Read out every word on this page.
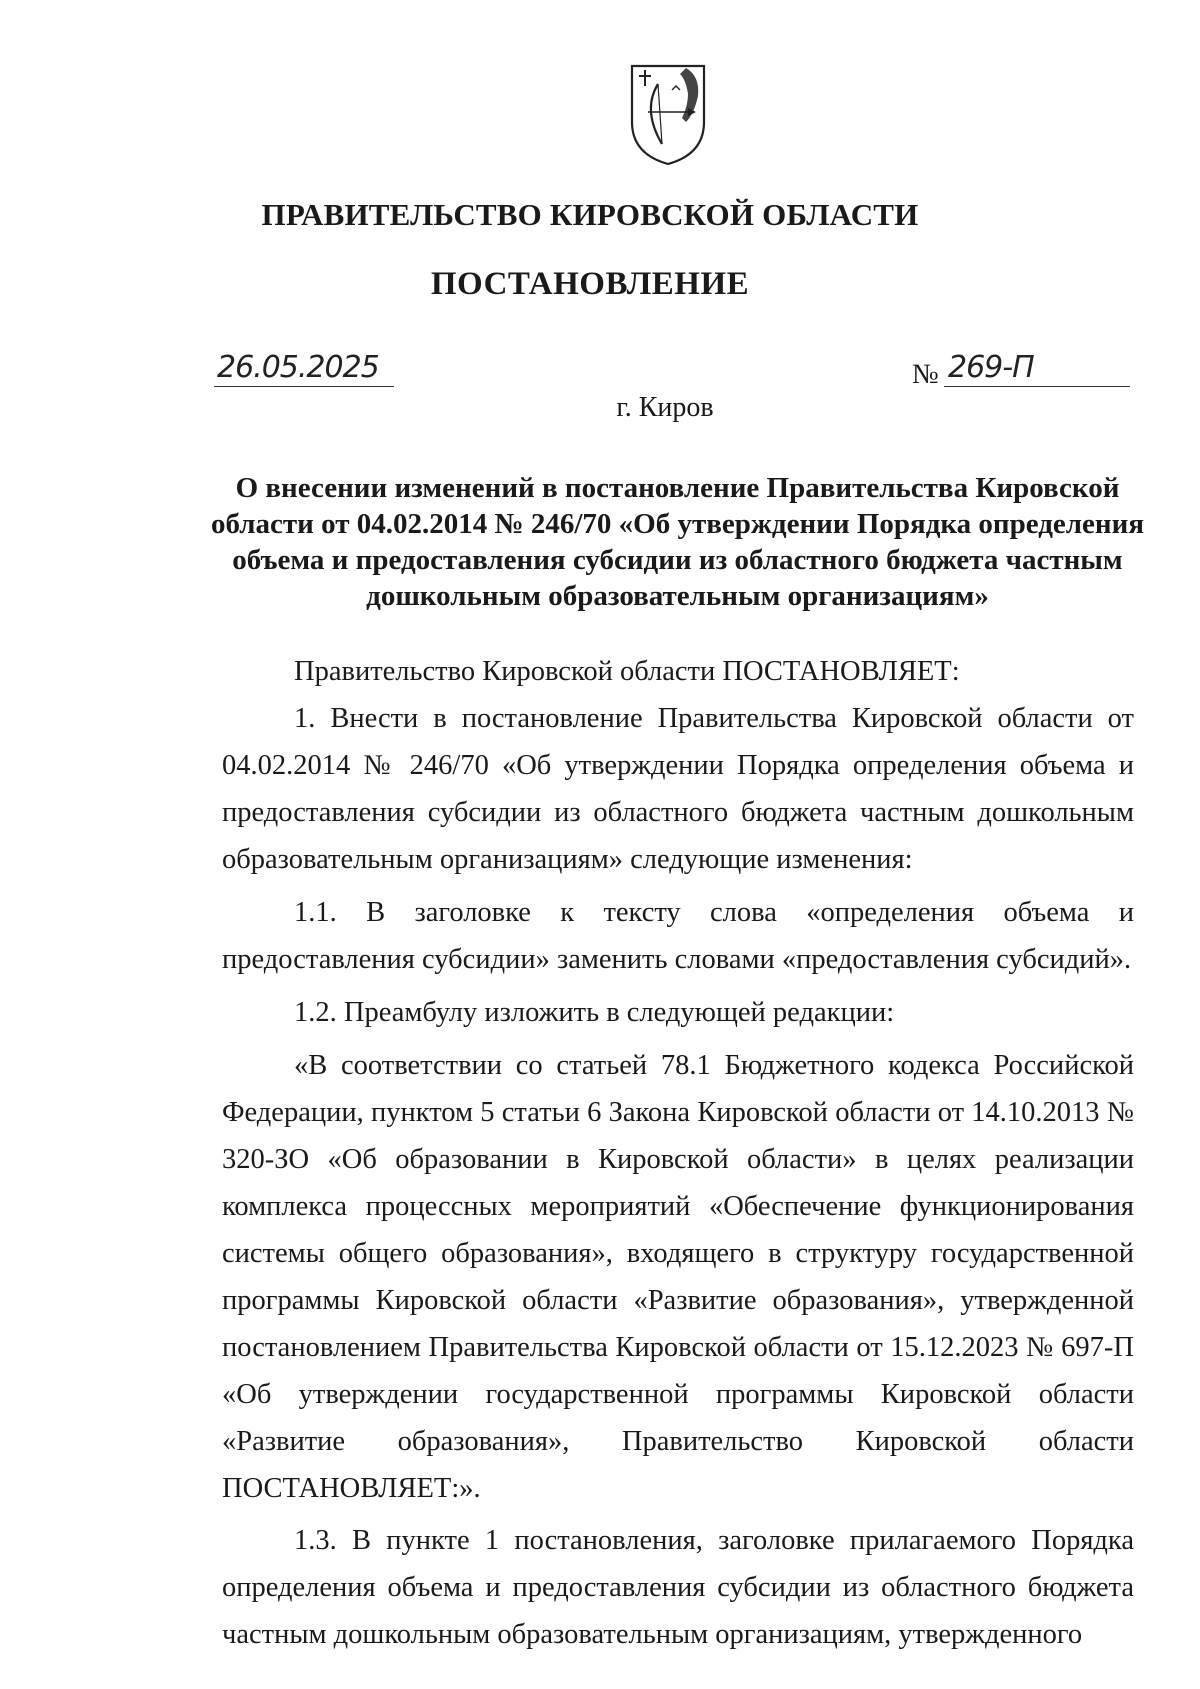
ПРАВИТЕЛЬСТВО КИРОВСКОЙ ОБЛАСТИ
ПОСТАНОВЛЕНИЕ
26.05.2025	№ 269-П
г. Киров
О внесении изменений в постановление Правительства Кировской области от 04.02.2014 № 246/70 «Об утверждении Порядка определения объема и предоставления субсидии из областного бюджета частным дошкольным образовательным организациям»

Правительство Кировской области ПОСТАНОВЛЯЕТ:

1. Внести в постановление Правительства Кировской области от 04.02.2014 № 246/70 «Об утверждении Порядка определения объема и предоставления субсидии из областного бюджета частным дошкольным образовательным организациям» следующие изменения:

1.1. В заголовке к тексту слова «определения объема и предоставления субсидии» заменить словами «предоставления субсидий».

1.2. Преамбулу изложить в следующей редакции:

«В соответствии со статьей 78.1 Бюджетного кодекса Российской Федерации, пунктом 5 статьи 6 Закона Кировской области от 14.10.2013 № 320-ЗО «Об образовании в Кировской области» в целях реализации комплекса процессных мероприятий «Обеспечение функционирования системы общего образования», входящего в структуру государственной программы Кировской области «Развитие образования», утвержденной постановлением Правительства Кировской области от 15.12.2023 № 697-П «Об утверждении государственной программы Кировской области «Развитие образования», Правительство Кировской области ПОСТАНОВЛЯЕТ:».

1.3. В пункте 1 постановления, заголовке прилагаемого Порядка определения объема и предоставления субсидии из областного бюджета частным дошкольным образовательным организациям, утвержденного
